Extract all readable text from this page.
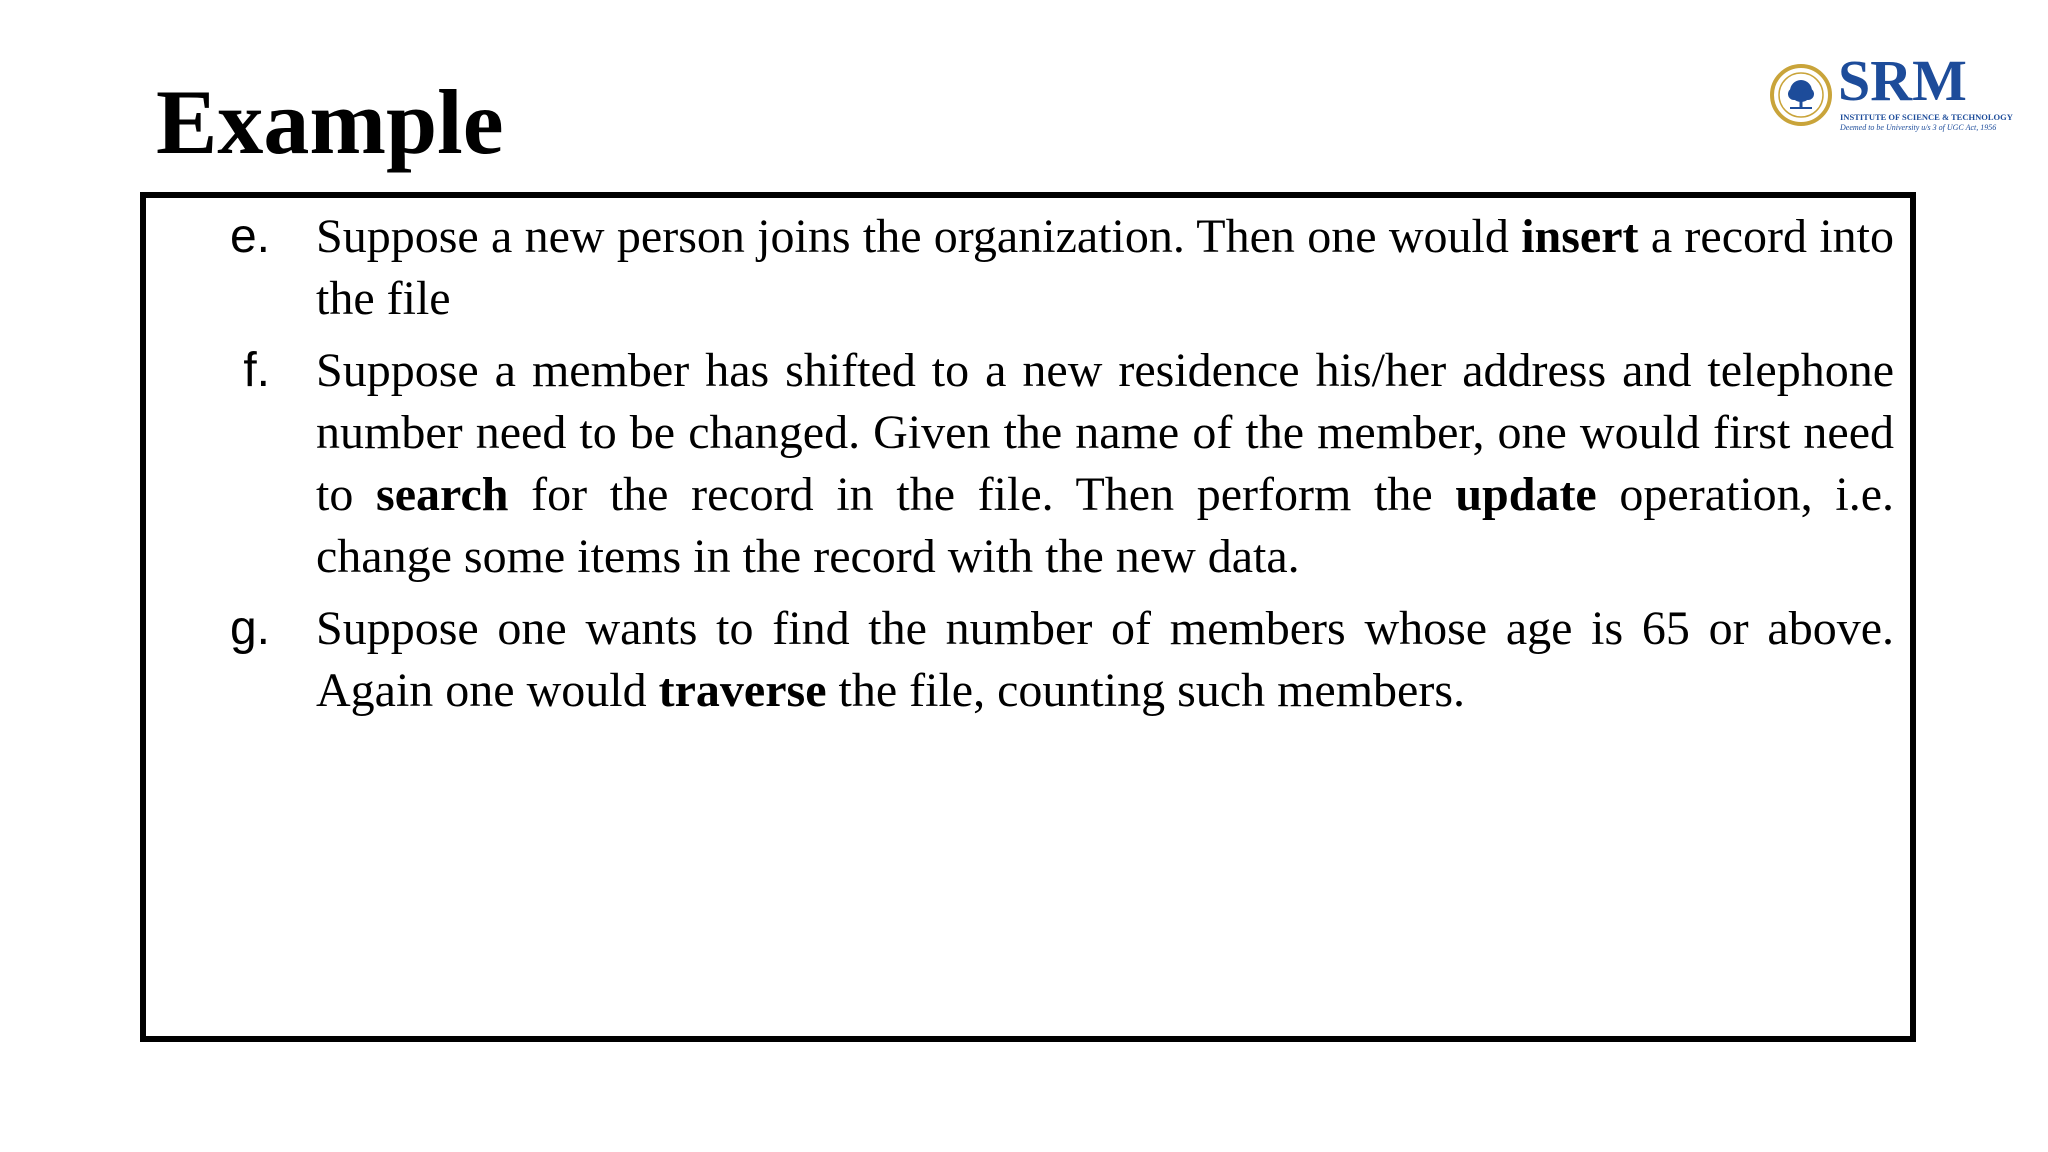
Example	SRM
INSTITUTE OF SCIENCE & TECHNOLOGY
Deemed to be University u/s 3 of UGC Act, 1956
e. Suppose a new person joins the organization. Then one would insert a record into the file
f. Suppose a member has shifted to a new residence his/her address and telephone number need to be changed. Given the name of the member, one would first need to search for the record in the file. Then perform the update operation, i.e. change some items in the record with the new data.
g. Suppose one wants to find the number of members whose age is 65 or above. Again one would traverse the file, counting such members.
